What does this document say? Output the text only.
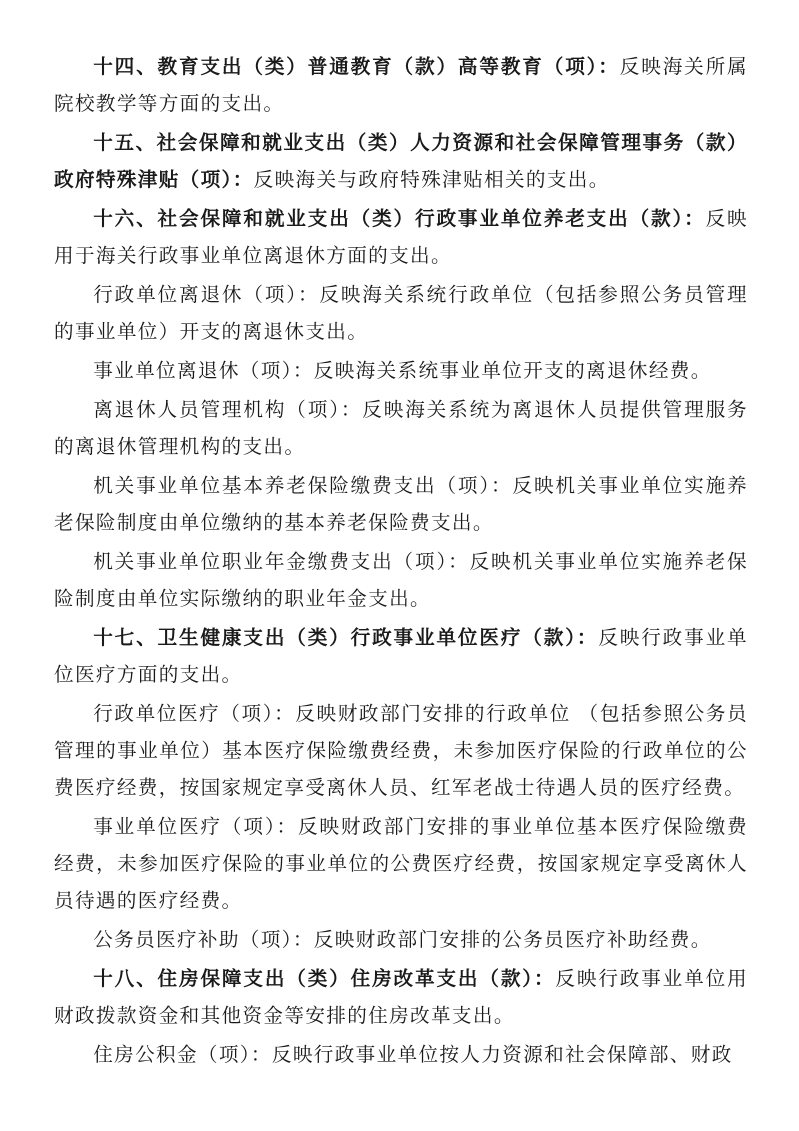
十四、教育支出（类）普通教育（款）高等教育（项）：反映海关所属院校教学等方面的支出。

十五、社会保障和就业支出（类）人力资源和社会保障管理事务（款）政府特殊津贴（项）：反映海关与政府特殊津贴相关的支出。

十六、社会保障和就业支出（类）行政事业单位养老支出（款）：反映用于海关行政事业单位离退休方面的支出。

行政单位离退休（项）：反映海关系统行政单位（包括参照公务员管理的事业单位）开支的离退休支出。

事业单位离退休（项）：反映海关系统事业单位开支的离退休经费。

离退休人员管理机构（项）：反映海关系统为离退休人员提供管理服务的离退休管理机构的支出。

机关事业单位基本养老保险缴费支出（项）：反映机关事业单位实施养老保险制度由单位缴纳的基本养老保险费支出。

机关事业单位职业年金缴费支出（项）：反映机关事业单位实施养老保险制度由单位实际缴纳的职业年金支出。

十七、卫生健康支出（类）行政事业单位医疗（款）：反映行政事业单位医疗方面的支出。

行政单位医疗（项）：反映财政部门安排的行政单位 （包括参照公务员管理的事业单位）基本医疗保险缴费经费，未参加医疗保险的行政单位的公费医疗经费，按国家规定享受离休人员、红军老战士待遇人员的医疗经费。

事业单位医疗（项）：反映财政部门安排的事业单位基本医疗保险缴费经费，未参加医疗保险的事业单位的公费医疗经费，按国家规定享受离休人员待遇的医疗经费。

公务员医疗补助（项）：反映财政部门安排的公务员医疗补助经费。

十八、住房保障支出（类）住房改革支出（款）：反映行政事业单位用财政拨款资金和其他资金等安排的住房改革支出。

住房公积金（项）：反映行政事业单位按人力资源和社会保障部、财政
